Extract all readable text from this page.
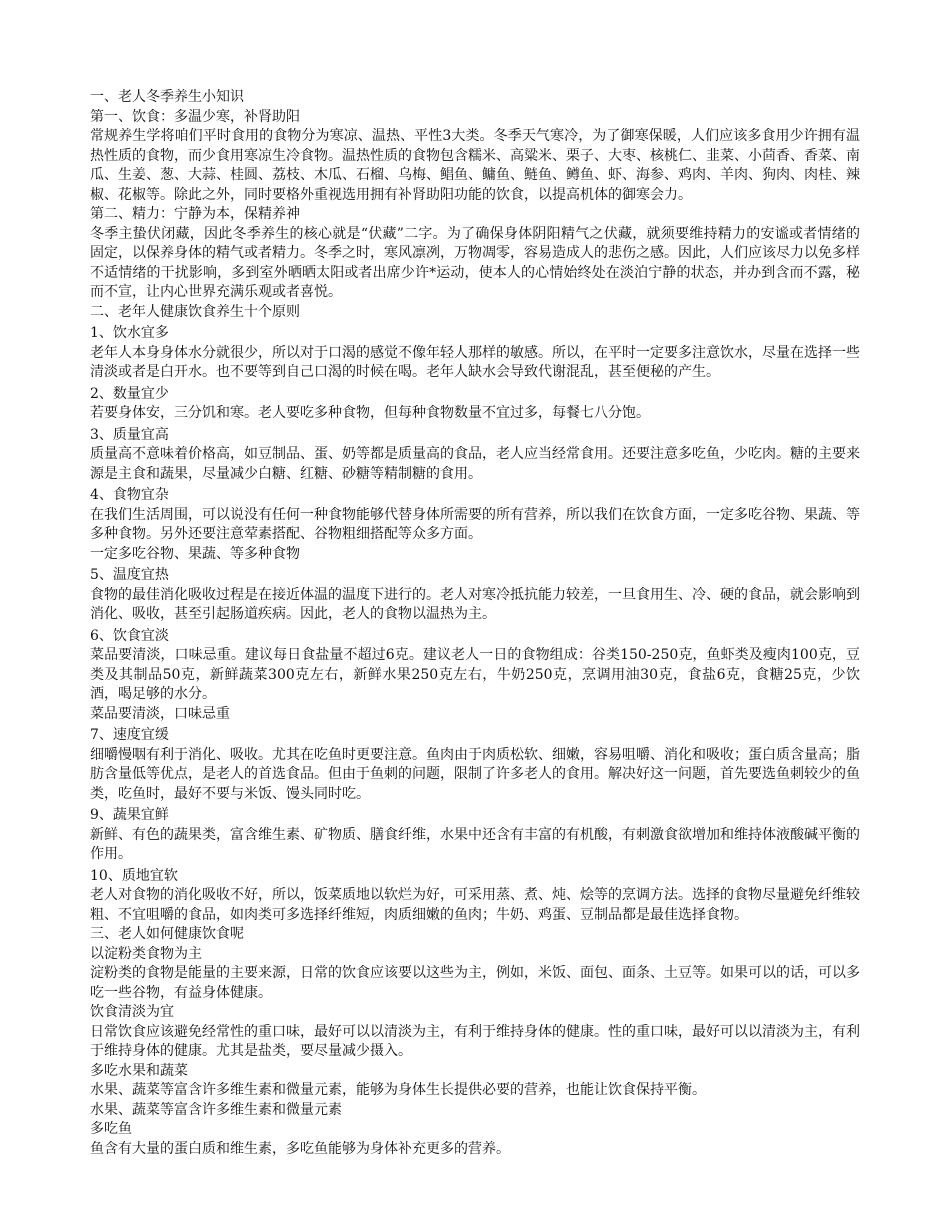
一、老人冬季养生小知识

第一、饮食：多温少寒，补肾助阳

常规养生学将咱们平时食用的食物分为寒凉、温热、平性3大类。冬季天气寒冷，为了御寒保暖，人们应该多食用少许拥有温热性质的食物，而少食用寒凉生冷食物。温热性质的食物包含糯米、高粱米、栗子、大枣、核桃仁、韭菜、小茴香、香菜、南瓜、生姜、葱、大蒜、桂圆、荔枝、木瓜、石榴、乌梅、鲳鱼、鳙鱼、鲢鱼、鳟鱼、虾、海参、鸡肉、羊肉、狗肉、肉桂、辣椒、花椒等。除此之外，同时要格外重视选用拥有补肾助阳功能的饮食，以提高机体的御寒会力。

第二、精力：宁静为本，保精养神

冬季主蛰伏闭藏，因此冬季养生的核心就是“伏藏”二字。为了确保身体阴阳精气之伏藏，就须要维持精力的安谧或者情绪的固定，以保养身体的精气或者精力。冬季之时，寒风凛冽，万物凋零，容易造成人的悲伤之感。因此，人们应该尽力以免多样不适情绪的干扰影响，多到室外晒晒太阳或者出席少许*运动，使本人的心情始终处在淡泊宁静的状态，并办到含而不露，秘而不宣，让内心世界充满乐观或者喜悦。

二、老年人健康饮食养生十个原则

1、饮水宜多

老年人本身身体水分就很少，所以对于口渴的感觉不像年轻人那样的敏感。所以，在平时一定要多注意饮水，尽量在选择一些清淡或者是白开水。也不要等到自己口渴的时候在喝。老年人缺水会导致代谢混乱，甚至便秘的产生。

2、数量宜少

若要身体安，三分饥和寒。老人要吃多种食物，但每种食物数量不宜过多，每餐七八分饱。

3、质量宜高

质量高不意味着价格高，如豆制品、蛋、奶等都是质量高的食品，老人应当经常食用。还要注意多吃鱼，少吃肉。糖的主要来源是主食和蔬果，尽量减少白糖、红糖、砂糖等精制糖的食用。

4、食物宜杂

在我们生活周围，可以说没有任何一种食物能够代替身体所需要的所有营养，所以我们在饮食方面，一定多吃谷物、果蔬、等多种食物。另外还要注意荤素搭配、谷物粗细搭配等众多方面。

一定多吃谷物、果蔬、等多种食物

5、温度宜热

食物的最佳消化吸收过程是在接近体温的温度下进行的。老人对寒冷抵抗能力较差，一旦食用生、冷、硬的食品，就会影响到消化、吸收，甚至引起肠道疾病。因此，老人的食物以温热为主。

6、饮食宜淡

菜品要清淡，口味忌重。建议每日食盐量不超过6克。建议老人一日的食物组成：谷类150-250克，鱼虾类及瘦肉100克，豆类及其制品50克，新鲜蔬菜300克左右，新鲜水果250克左右，牛奶250克，烹调用油30克，食盐6克，食糖25克，少饮酒，喝足够的水分。

菜品要清淡，口味忌重

7、速度宜缓

细嚼慢咽有利于消化、吸收。尤其在吃鱼时更要注意。鱼肉由于肉质松软、细嫩，容易咀嚼、消化和吸收；蛋白质含量高；脂肪含量低等优点，是老人的首选食品。但由于鱼刺的问题，限制了许多老人的食用。解决好这一问题，首先要选鱼刺较少的鱼类，吃鱼时，最好不要与米饭、馒头同时吃。

9、蔬果宜鲜

新鲜、有色的蔬果类，富含维生素、矿物质、膳食纤维，水果中还含有丰富的有机酸，有刺激食欲增加和维持体液酸碱平衡的作用。

10、质地宜软

老人对食物的消化吸收不好，所以，饭菜质地以软烂为好，可采用蒸、煮、炖、烩等的烹调方法。选择的食物尽量避免纤维较粗、不宜咀嚼的食品，如肉类可多选择纤维短，肉质细嫩的鱼肉；牛奶、鸡蛋、豆制品都是最佳选择食物。

三、老人如何健康饮食呢

以淀粉类食物为主

淀粉类的食物是能量的主要来源，日常的饮食应该要以这些为主，例如，米饭、面包、面条、土豆等。如果可以的话，可以多吃一些谷物，有益身体健康。

饮食清淡为宜

日常饮食应该避免经常性的重口味，最好可以以清淡为主，有利于维持身体的健康。性的重口味，最好可以以清淡为主，有利于维持身体的健康。尤其是盐类，要尽量减少摄入。

多吃水果和蔬菜

水果、蔬菜等富含许多维生素和微量元素，能够为身体生长提供必要的营养，也能让饮食保持平衡。

水果、蔬菜等富含许多维生素和微量元素

多吃鱼

鱼含有大量的蛋白质和维生素，多吃鱼能够为身体补充更多的营养。
